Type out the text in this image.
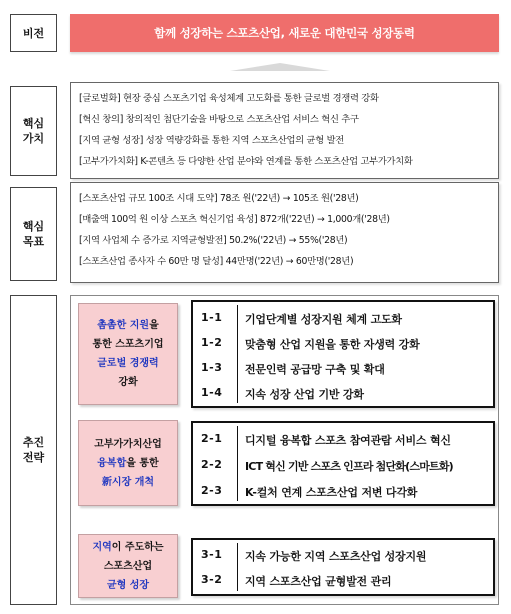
비전	함께 성장하는 스포츠산업, 새로운 대한민국 성장동력
핵심
가치
[글로벌화] 현장 중심 스포츠기업 육성체계 고도화를 통한 글로벌 경쟁력 강화
[혁신 창의] 창의적인 첨단기술을 바탕으로 스포츠산업 서비스 혁신 추구
[지역 균형 성장] 성장 역량강화를 통한 지역 스포츠산업의 균형 발전
[고부가가치화] K-콘텐츠 등 다양한 산업 분야와 연계를 통한 스포츠산업 고부가가치화
핵심
목표
[스포츠산업 규모 100조 시대 도약] 78조 원('22년) → 105조 원('28년)
[매출액 100억 원 이상 스포츠 혁신기업 육성] 872개('22년) → 1,000개('28년)
[지역 사업체 수 증가로 지역균형발전] 50.2%('22년) → 55%('28년)
[스포츠산업 종사자 수 60만 명 달성] 44만명('22년) → 60만명('28년)
추진
전략
촘촘한 지원을
통한 스포츠기업
글로벌 경쟁력
강화
1-1	기업단계별 성장지원 체계 고도화
1-2	맞춤형 산업 지원을 통한 자생력 강화
1-3	전문인력 공급망 구축 및 확대
1-4	지속 성장 산업 기반 강화
고부가가치산업
융복합을 통한
新시장 개척
2-1	디지털 융복합 스포츠 참여관람 서비스 혁신
2-2	ICT 혁신 기반 스포츠 인프라 첨단화(스마트화)
2-3	K-컬처 연계 스포츠산업 저변 다각화
지역이 주도하는
스포츠산업
균형 성장
3-1	지속 가능한 지역 스포츠산업 성장지원
3-2	지역 스포츠산업 균형발전 관리
